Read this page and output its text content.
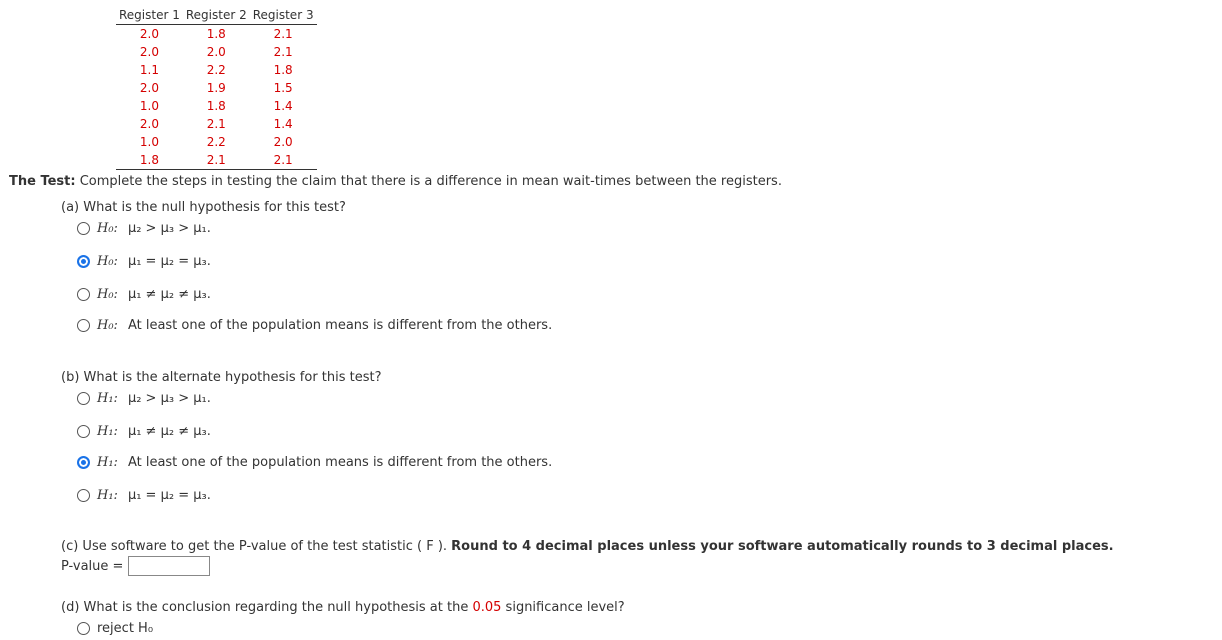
Register 1	Register 2	Register 3
2.0	1.8	2.1
2.0	2.0	2.1
1.1	2.2	1.8
2.0	1.9	1.5
1.0	1.8	1.4
2.0	2.1	1.4
1.0	2.2	2.0
1.8	2.1	2.1
The Test: Complete the steps in testing the claim that there is a difference in mean wait-times between the registers.
(a) What is the null hypothesis for this test?
H₀: μ₂ > μ₃ > μ₁.
H₀: μ₁ = μ₂ = μ₃.
H₀: μ₁ ≠ μ₂ ≠ μ₃.
H₀: At least one of the population means is different from the others.
(b) What is the alternate hypothesis for this test?
H₁: μ₂ > μ₃ > μ₁.
H₁: μ₁ ≠ μ₂ ≠ μ₃.
H₁: At least one of the population means is different from the others.
H₁: μ₁ = μ₂ = μ₃.
(c) Use software to get the P-value of the test statistic ( F ). Round to 4 decimal places unless your software automatically rounds to 3 decimal places.
P-value =
(d) What is the conclusion regarding the null hypothesis at the 0.05 significance level?
reject H₀
